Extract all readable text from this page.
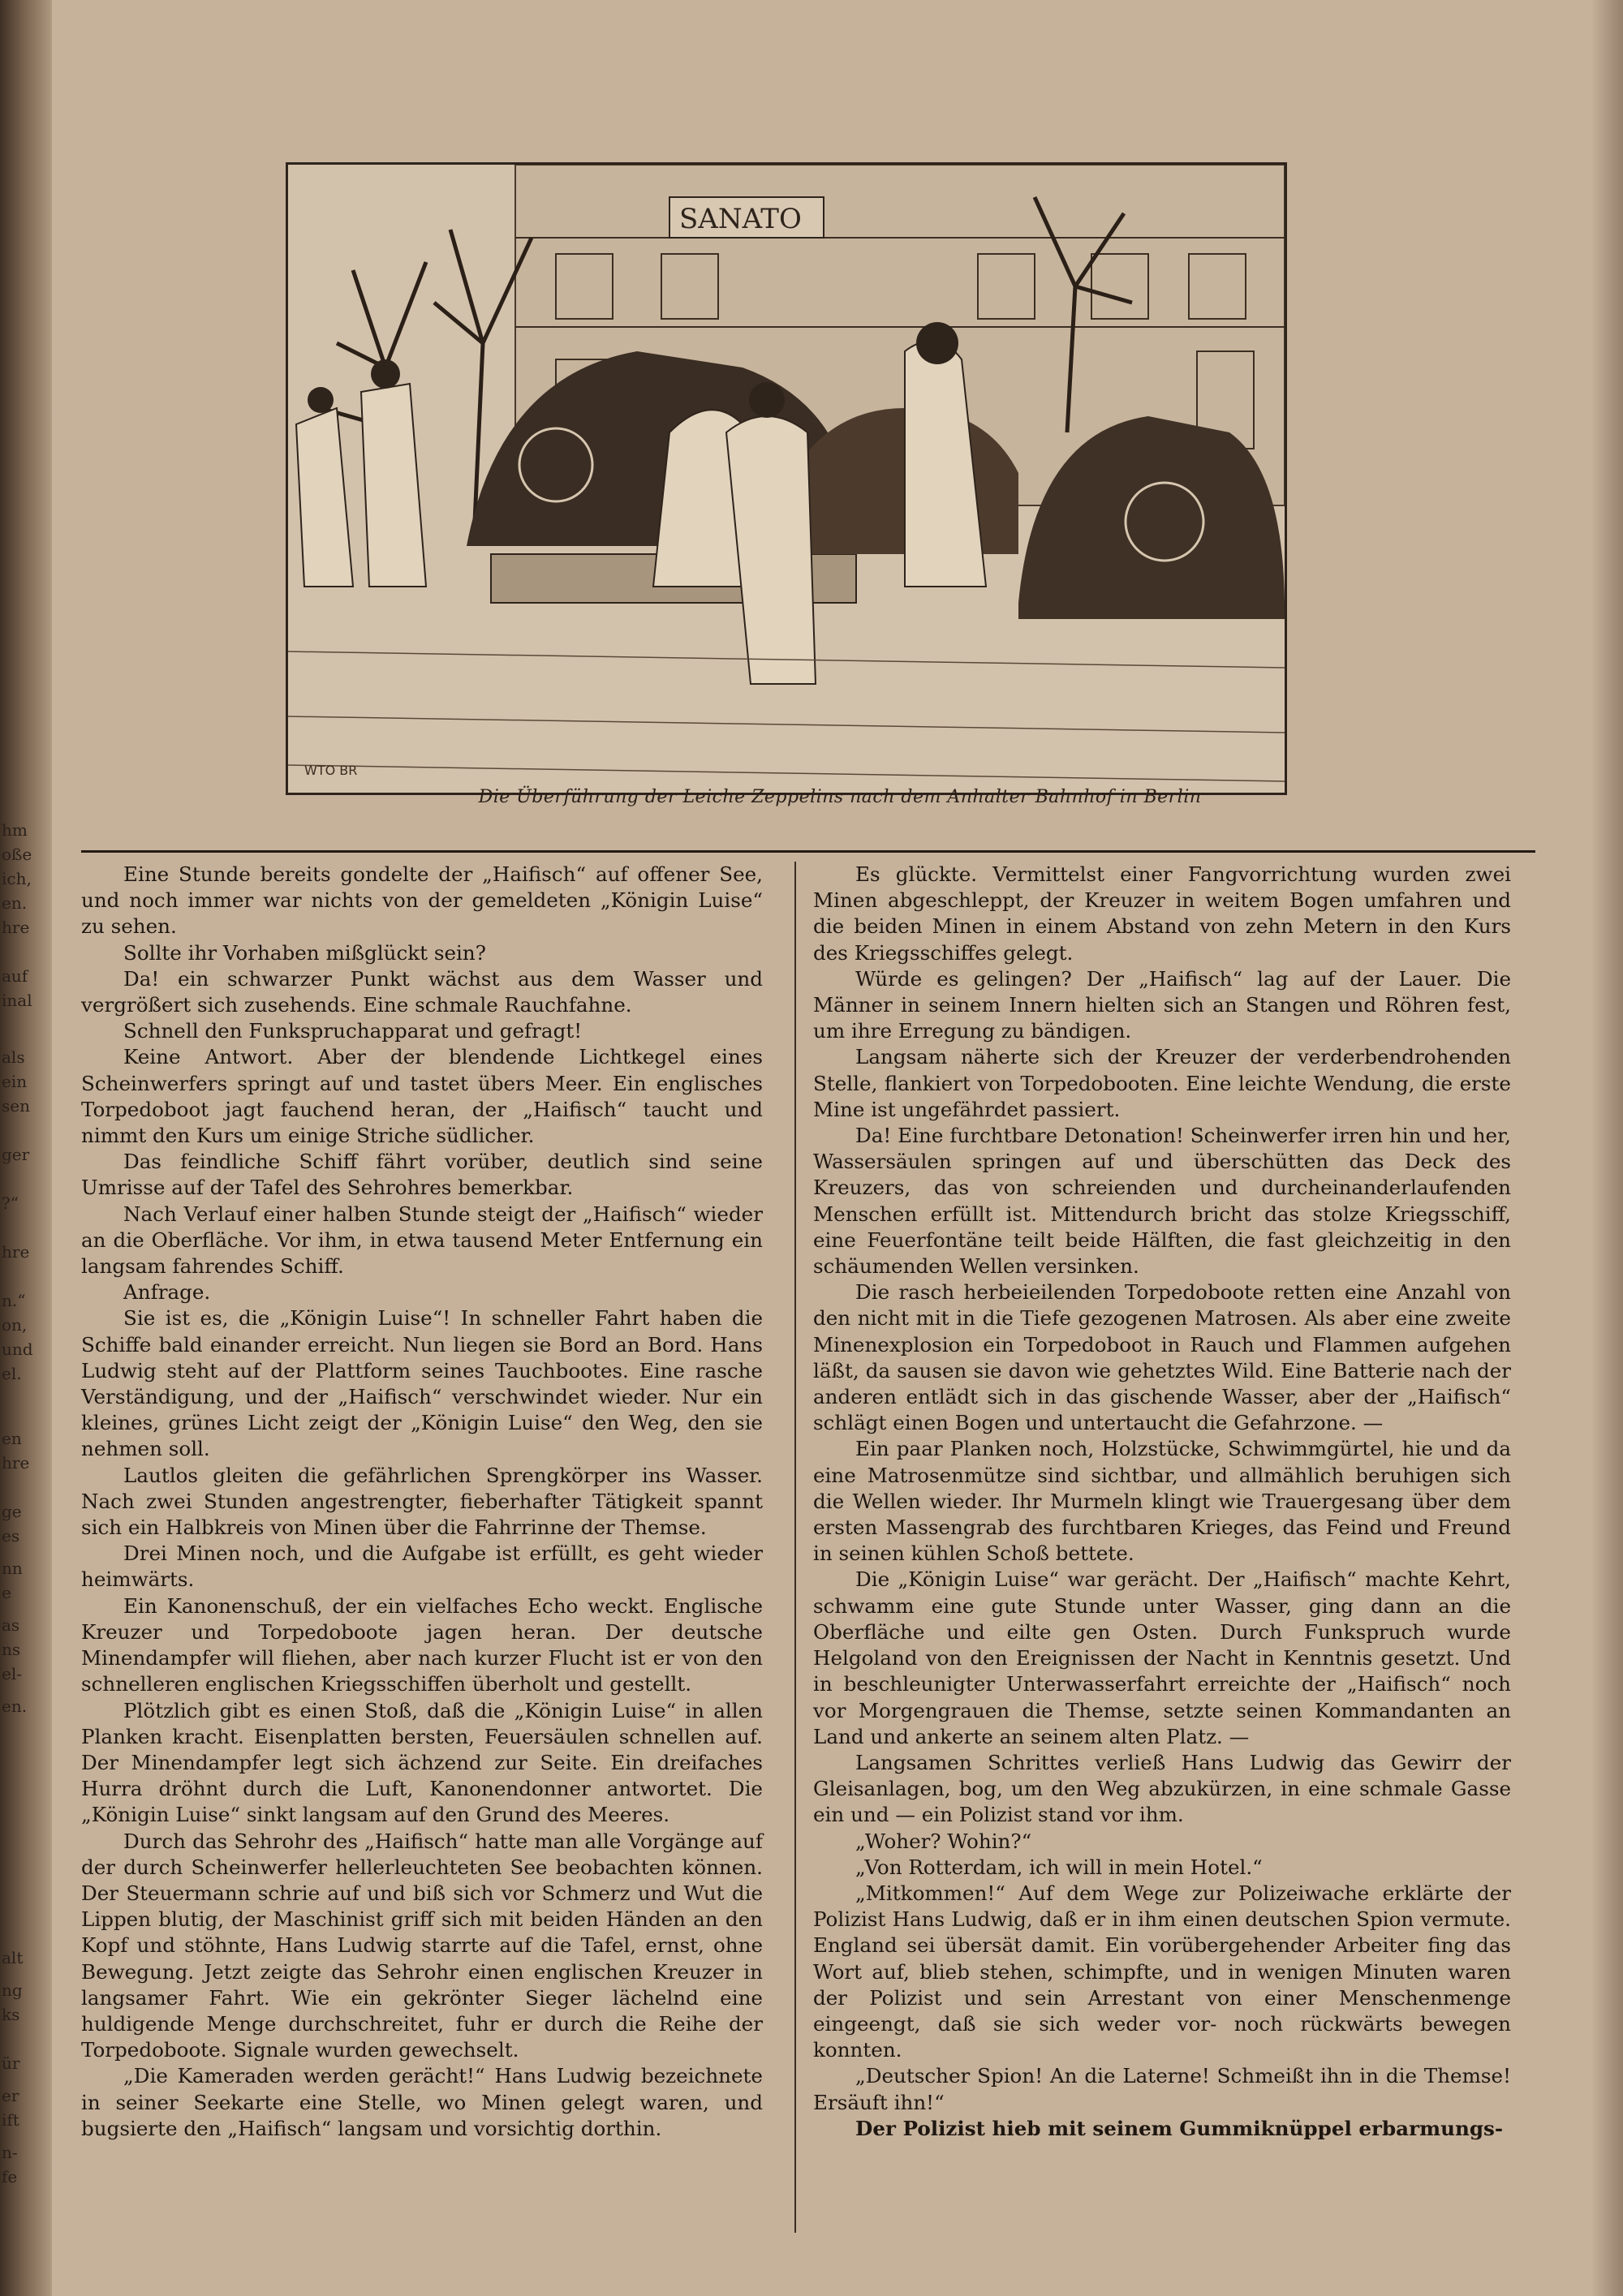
hm
oße
ich,
en.
hre
auf
inal
als
ein
sen
ger
?“
hre
n.“
on,
und
el.
en
hre
ge
es
nn
e
as
ns
el-
en.
alt
ng
ks
ür
er
ift
n-
fe
SANATO
WTO BR
Die Überführung der Leiche Zeppelins nach dem Anhalter Bahnhof in Berlin

Eine Stunde bereits gondelte der „Haifisch“ auf offener See, und noch immer war nichts von der gemeldeten „Königin Luise“ zu sehen.

Sollte ihr Vorhaben mißglückt sein?

Da! ein schwarzer Punkt wächst aus dem Wasser und vergrößert sich zusehends. Eine schmale Rauchfahne.

Schnell den Funkspruchapparat und gefragt!

Keine Antwort. Aber der blendende Lichtkegel eines Scheinwerfers springt auf und tastet übers Meer. Ein englisches Torpedoboot jagt fauchend heran, der „Haifisch“ taucht und nimmt den Kurs um einige Striche südlicher.

Das feindliche Schiff fährt vorüber, deutlich sind seine Umrisse auf der Tafel des Sehrohres bemerkbar.

Nach Verlauf einer halben Stunde steigt der „Haifisch“ wieder an die Oberfläche. Vor ihm, in etwa tausend Meter Entfernung ein langsam fahrendes Schiff.

Anfrage.

Sie ist es, die „Königin Luise“! In schneller Fahrt haben die Schiffe bald einander erreicht. Nun liegen sie Bord an Bord. Hans Ludwig steht auf der Plattform seines Tauchbootes. Eine rasche Verständigung, und der „Haifisch“ verschwindet wieder. Nur ein kleines, grünes Licht zeigt der „Königin Luise“ den Weg, den sie nehmen soll.

Lautlos gleiten die gefährlichen Sprengkörper ins Wasser. Nach zwei Stunden angestrengter, fieberhafter Tätigkeit spannt sich ein Halbkreis von Minen über die Fahrrinne der Themse.

Drei Minen noch, und die Aufgabe ist erfüllt, es geht wieder heimwärts.

Ein Kanonenschuß, der ein vielfaches Echo weckt. Englische Kreuzer und Torpedoboote jagen heran. Der deutsche Minendampfer will fliehen, aber nach kurzer Flucht ist er von den schnelleren englischen Kriegsschiffen überholt und gestellt.

Plötzlich gibt es einen Stoß, daß die „Königin Luise“ in allen Planken kracht. Eisenplatten bersten, Feuersäulen schnellen auf. Der Minendampfer legt sich ächzend zur Seite. Ein dreifaches Hurra dröhnt durch die Luft, Kanonendonner antwortet. Die „Königin Luise“ sinkt langsam auf den Grund des Meeres.

Durch das Sehrohr des „Haifisch“ hatte man alle Vorgänge auf der durch Scheinwerfer hellerleuchteten See beobachten können. Der Steuermann schrie auf und biß sich vor Schmerz und Wut die Lippen blutig, der Maschinist griff sich mit beiden Händen an den Kopf und stöhnte, Hans Ludwig starrte auf die Tafel, ernst, ohne Bewegung. Jetzt zeigte das Sehrohr einen englischen Kreuzer in langsamer Fahrt. Wie ein gekrönter Sieger lächelnd eine huldigende Menge durchschreitet, fuhr er durch die Reihe der Torpedoboote. Signale wurden gewechselt.

„Die Kameraden werden gerächt!“ Hans Ludwig bezeichnete in seiner Seekarte eine Stelle, wo Minen gelegt waren, und bugsierte den „Haifisch“ langsam und vorsichtig dorthin.

Es glückte. Vermittelst einer Fangvorrichtung wurden zwei Minen abgeschleppt, der Kreuzer in weitem Bogen umfahren und die beiden Minen in einem Abstand von zehn Metern in den Kurs des Kriegsschiffes gelegt.

Würde es gelingen? Der „Haifisch“ lag auf der Lauer. Die Männer in seinem Innern hielten sich an Stangen und Röhren fest, um ihre Erregung zu bändigen.

Langsam näherte sich der Kreuzer der verderbendrohenden Stelle, flankiert von Torpedobooten. Eine leichte Wendung, die erste Mine ist ungefährdet passiert.

Da! Eine furchtbare Detonation! Scheinwerfer irren hin und her, Wassersäulen springen auf und überschütten das Deck des Kreuzers, das von schreienden und durcheinanderlaufenden Menschen erfüllt ist. Mittendurch bricht das stolze Kriegsschiff, eine Feuerfontäne teilt beide Hälften, die fast gleichzeitig in den schäumenden Wellen versinken.

Die rasch herbeieilenden Torpedoboote retten eine Anzahl von den nicht mit in die Tiefe gezogenen Matrosen. Als aber eine zweite Minenexplosion ein Torpedoboot in Rauch und Flammen aufgehen läßt, da sausen sie davon wie gehetztes Wild. Eine Batterie nach der anderen entlädt sich in das gischende Wasser, aber der „Haifisch“ schlägt einen Bogen und untertaucht die Gefahrzone. —

Ein paar Planken noch, Holzstücke, Schwimmgürtel, hie und da eine Matrosenmütze sind sichtbar, und allmählich beruhigen sich die Wellen wieder. Ihr Murmeln klingt wie Trauergesang über dem ersten Massengrab des furchtbaren Krieges, das Feind und Freund in seinen kühlen Schoß bettete.

Die „Königin Luise“ war gerächt. Der „Haifisch“ machte Kehrt, schwamm eine gute Stunde unter Wasser, ging dann an die Oberfläche und eilte gen Osten. Durch Funkspruch wurde Helgoland von den Ereignissen der Nacht in Kenntnis gesetzt. Und in beschleunigter Unterwasserfahrt erreichte der „Haifisch“ noch vor Morgengrauen die Themse, setzte seinen Kommandanten an Land und ankerte an seinem alten Platz. —

Langsamen Schrittes verließ Hans Ludwig das Gewirr der Gleisanlagen, bog, um den Weg abzukürzen, in eine schmale Gasse ein und — ein Polizist stand vor ihm.

„Woher? Wohin?“

„Von Rotterdam, ich will in mein Hotel.“

„Mitkommen!“ Auf dem Wege zur Polizeiwache erklärte der Polizist Hans Ludwig, daß er in ihm einen deutschen Spion vermute. England sei übersät damit. Ein vorübergehender Arbeiter fing das Wort auf, blieb stehen, schimpfte, und in wenigen Minuten waren der Polizist und sein Arrestant von einer Menschenmenge eingeengt, daß sie sich weder vor- noch rückwärts bewegen konnten.

„Deutscher Spion! An die Laterne! Schmeißt ihn in die Themse! Ersäuft ihn!“

Der Polizist hieb mit seinem Gummiknüppel erbarmungs-
